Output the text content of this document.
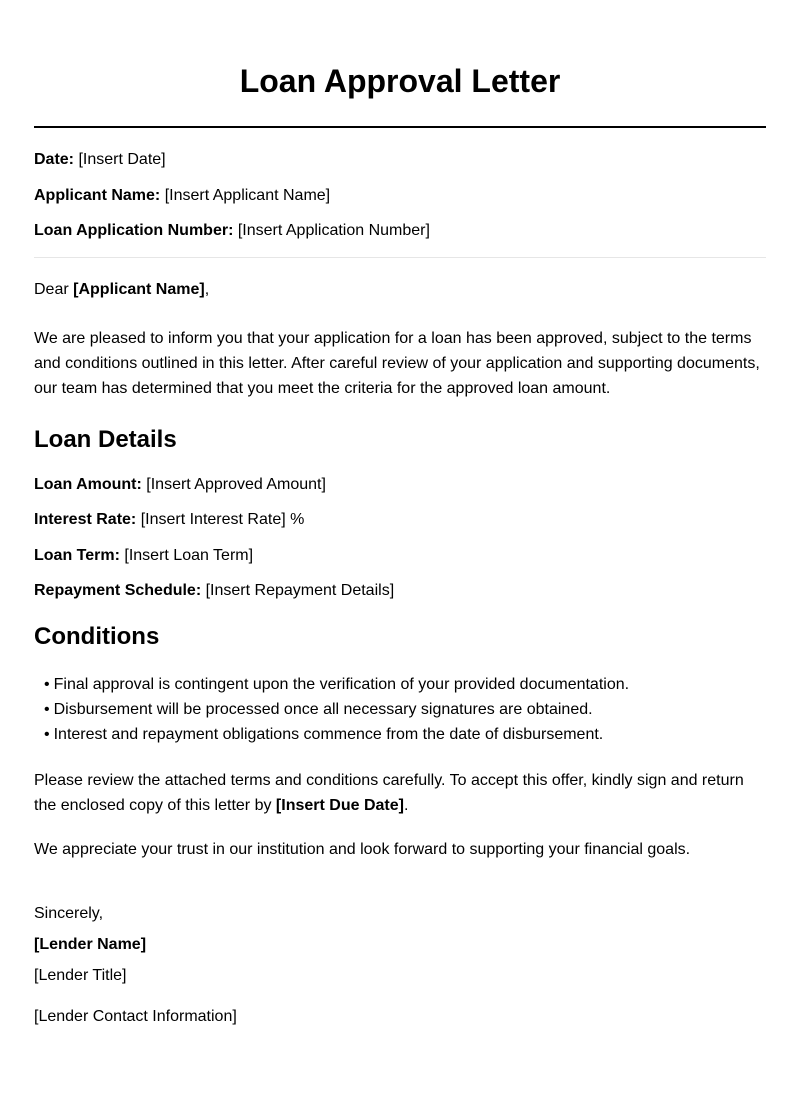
Loan Approval Letter

Date: [Insert Date]

Applicant Name: [Insert Applicant Name]

Loan Application Number: [Insert Application Number]

Dear [Applicant Name],

We are pleased to inform you that your application for a loan has been approved, subject to the terms and conditions outlined in this letter. After careful review of your application and supporting documents, our team has determined that you meet the criteria for the approved loan amount.

Loan Details

Loan Amount: [Insert Approved Amount]

Interest Rate: [Insert Interest Rate] %

Loan Term: [Insert Loan Term]

Repayment Schedule: [Insert Repayment Details]

Conditions
• Final approval is contingent upon the verification of your provided documentation.
• Disbursement will be processed once all necessary signatures are obtained.
• Interest and repayment obligations commence from the date of disbursement.

Please review the attached terms and conditions carefully. To accept this offer, kindly sign and return the enclosed copy of this letter by [Insert Due Date].

We appreciate your trust in our institution and look forward to supporting your financial goals.

Sincerely,

[Lender Name]

[Lender Title]

[Lender Contact Information]
